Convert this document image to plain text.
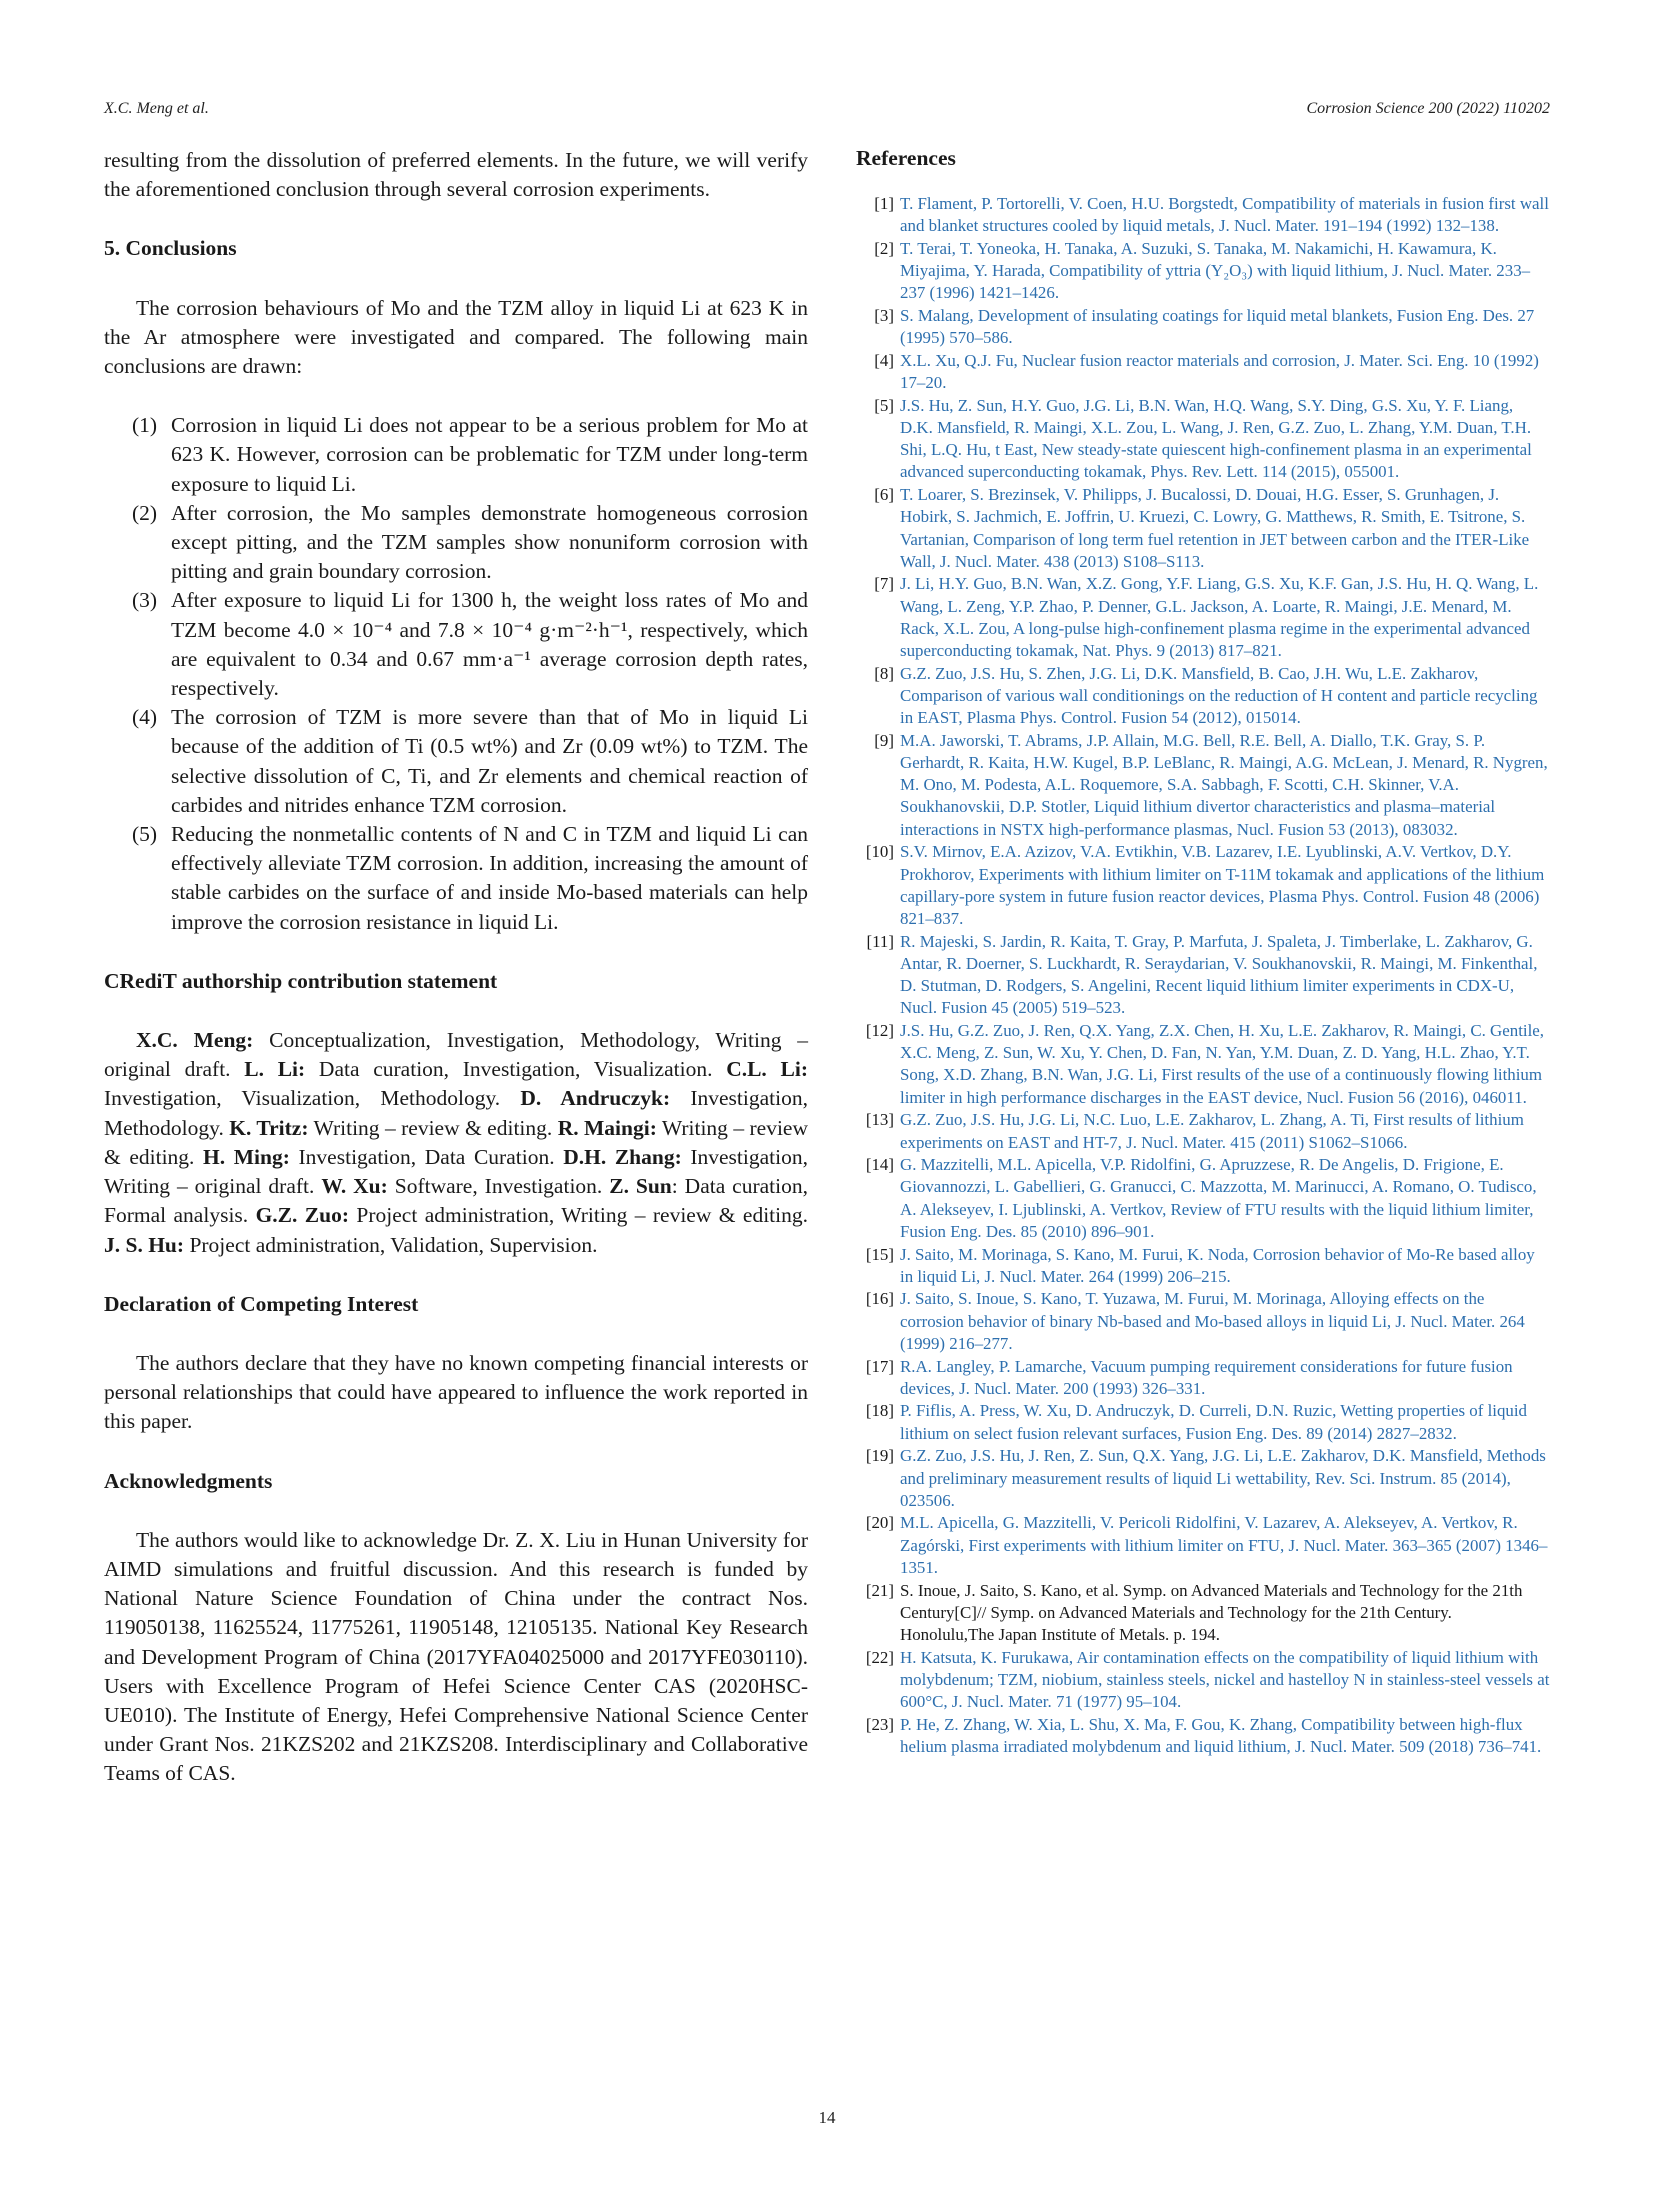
X.C. Meng et al.	Corrosion Science 200 (2022) 110202

resulting from the dissolution of preferred elements. In the future, we will verify the aforementioned conclusion through several corrosion experiments.

5. Conclusions

The corrosion behaviours of Mo and the TZM alloy in liquid Li at 623 K in the Ar atmosphere were investigated and compared. The following main conclusions are drawn:

(1) Corrosion in liquid Li does not appear to be a serious problem for Mo at 623 K. However, corrosion can be problematic for TZM under long-term exposure to liquid Li.
(2) After corrosion, the Mo samples demonstrate homogeneous corrosion except pitting, and the TZM samples show nonuniform corrosion with pitting and grain boundary corrosion.
(3) After exposure to liquid Li for 1300 h, the weight loss rates of Mo and TZM become 4.0 × 10⁻⁴ and 7.8 × 10⁻⁴ g·m⁻²·h⁻¹, respectively, which are equivalent to 0.34 and 0.67 mm·a⁻¹ average corrosion depth rates, respectively.
(4) The corrosion of TZM is more severe than that of Mo in liquid Li because of the addition of Ti (0.5 wt%) and Zr (0.09 wt%) to TZM. The selective dissolution of C, Ti, and Zr elements and chemical reaction of carbides and nitrides enhance TZM corrosion.
(5) Reducing the nonmetallic contents of N and C in TZM and liquid Li can effectively alleviate TZM corrosion. In addition, increasing the amount of stable carbides on the surface of and inside Mo-based materials can help improve the corrosion resistance in liquid Li.
CRediT authorship contribution statement

X.C. Meng: Conceptualization, Investigation, Methodology, Writing – original draft. L. Li: Data curation, Investigation, Visualization. C.L. Li: Investigation, Visualization, Methodology. D. Andruczyk: Investigation, Methodology. K. Tritz: Writing – review & editing. R. Maingi: Writing – review & editing. H. Ming: Investigation, Data Curation. D.H. Zhang: Investigation, Writing – original draft. W. Xu: Software, Investigation. Z. Sun: Data curation, Formal analysis. G.Z. Zuo: Project administration, Writing – review & editing. J. S. Hu: Project administration, Validation, Supervision.

Declaration of Competing Interest

The authors declare that they have no known competing financial interests or personal relationships that could have appeared to influence the work reported in this paper.

Acknowledgments

The authors would like to acknowledge Dr. Z. X. Liu in Hunan University for AIMD simulations and fruitful discussion. And this research is funded by National Nature Science Foundation of China under the contract Nos. 119050138, 11625524, 11775261, 11905148, 12105135. National Key Research and Development Program of China (2017YFA04025000 and 2017YFE030110). Users with Excellence Program of Hefei Science Center CAS (2020HSC-UE010). The Institute of Energy, Hefei Comprehensive National Science Center under Grant Nos. 21KZS202 and 21KZS208. Interdisciplinary and Collaborative Teams of CAS.

References
[1] T. Flament, P. Tortorelli, V. Coen, H.U. Borgstedt, Compatibility of materials in fusion first wall and blanket structures cooled by liquid metals, J. Nucl. Mater. 191–194 (1992) 132–138.
[2] T. Terai, T. Yoneoka, H. Tanaka, A. Suzuki, S. Tanaka, M. Nakamichi, H. Kawamura, K. Miyajima, Y. Harada, Compatibility of yttria (Y₂O₃) with liquid lithium, J. Nucl. Mater. 233–237 (1996) 1421–1426.
[3] S. Malang, Development of insulating coatings for liquid metal blankets, Fusion Eng. Des. 27 (1995) 570–586.
[4] X.L. Xu, Q.J. Fu, Nuclear fusion reactor materials and corrosion, J. Mater. Sci. Eng. 10 (1992) 17–20.
[5] J.S. Hu, Z. Sun, H.Y. Guo, J.G. Li, B.N. Wan, H.Q. Wang, S.Y. Ding, G.S. Xu, Y. F. Liang, D.K. Mansfield, R. Maingi, X.L. Zou, L. Wang, J. Ren, G.Z. Zuo, L. Zhang, Y.M. Duan, T.H. Shi, L.Q. Hu, t East, New steady-state quiescent high-confinement plasma in an experimental advanced superconducting tokamak, Phys. Rev. Lett. 114 (2015), 055001.
[6] T. Loarer, S. Brezinsek, V. Philipps, J. Bucalossi, D. Douai, H.G. Esser, S. Grunhagen, J. Hobirk, S. Jachmich, E. Joffrin, U. Kruezi, C. Lowry, G. Matthews, R. Smith, E. Tsitrone, S. Vartanian, Comparison of long term fuel retention in JET between carbon and the ITER-Like Wall, J. Nucl. Mater. 438 (2013) S108–S113.
[7] J. Li, H.Y. Guo, B.N. Wan, X.Z. Gong, Y.F. Liang, G.S. Xu, K.F. Gan, J.S. Hu, H. Q. Wang, L. Wang, L. Zeng, Y.P. Zhao, P. Denner, G.L. Jackson, A. Loarte, R. Maingi, J.E. Menard, M. Rack, X.L. Zou, A long-pulse high-confinement plasma regime in the experimental advanced superconducting tokamak, Nat. Phys. 9 (2013) 817–821.
[8] G.Z. Zuo, J.S. Hu, S. Zhen, J.G. Li, D.K. Mansfield, B. Cao, J.H. Wu, L.E. Zakharov, Comparison of various wall conditionings on the reduction of H content and particle recycling in EAST, Plasma Phys. Control. Fusion 54 (2012), 015014.
[9] M.A. Jaworski, T. Abrams, J.P. Allain, M.G. Bell, R.E. Bell, A. Diallo, T.K. Gray, S. P. Gerhardt, R. Kaita, H.W. Kugel, B.P. LeBlanc, R. Maingi, A.G. McLean, J. Menard, R. Nygren, M. Ono, M. Podesta, A.L. Roquemore, S.A. Sabbagh, F. Scotti, C.H. Skinner, V.A. Soukhanovskii, D.P. Stotler, Liquid lithium divertor characteristics and plasma–material interactions in NSTX high-performance plasmas, Nucl. Fusion 53 (2013), 083032.
[10] S.V. Mirnov, E.A. Azizov, V.A. Evtikhin, V.B. Lazarev, I.E. Lyublinski, A.V. Vertkov, D.Y. Prokhorov, Experiments with lithium limiter on T-11M tokamak and applications of the lithium capillary-pore system in future fusion reactor devices, Plasma Phys. Control. Fusion 48 (2006) 821–837.
[11] R. Majeski, S. Jardin, R. Kaita, T. Gray, P. Marfuta, J. Spaleta, J. Timberlake, L. Zakharov, G. Antar, R. Doerner, S. Luckhardt, R. Seraydarian, V. Soukhanovskii, R. Maingi, M. Finkenthal, D. Stutman, D. Rodgers, S. Angelini, Recent liquid lithium limiter experiments in CDX-U, Nucl. Fusion 45 (2005) 519–523.
[12] J.S. Hu, G.Z. Zuo, J. Ren, Q.X. Yang, Z.X. Chen, H. Xu, L.E. Zakharov, R. Maingi, C. Gentile, X.C. Meng, Z. Sun, W. Xu, Y. Chen, D. Fan, N. Yan, Y.M. Duan, Z. D. Yang, H.L. Zhao, Y.T. Song, X.D. Zhang, B.N. Wan, J.G. Li, First results of the use of a continuously flowing lithium limiter in high performance discharges in the EAST device, Nucl. Fusion 56 (2016), 046011.
[13] G.Z. Zuo, J.S. Hu, J.G. Li, N.C. Luo, L.E. Zakharov, L. Zhang, A. Ti, First results of lithium experiments on EAST and HT-7, J. Nucl. Mater. 415 (2011) S1062–S1066.
[14] G. Mazzitelli, M.L. Apicella, V.P. Ridolfini, G. Apruzzese, R. De Angelis, D. Frigione, E. Giovannozzi, L. Gabellieri, G. Granucci, C. Mazzotta, M. Marinucci, A. Romano, O. Tudisco, A. Alekseyev, I. Ljublinski, A. Vertkov, Review of FTU results with the liquid lithium limiter, Fusion Eng. Des. 85 (2010) 896–901.
[15] J. Saito, M. Morinaga, S. Kano, M. Furui, K. Noda, Corrosion behavior of Mo-Re based alloy in liquid Li, J. Nucl. Mater. 264 (1999) 206–215.
[16] J. Saito, S. Inoue, S. Kano, T. Yuzawa, M. Furui, M. Morinaga, Alloying effects on the corrosion behavior of binary Nb-based and Mo-based alloys in liquid Li, J. Nucl. Mater. 264 (1999) 216–277.
[17] R.A. Langley, P. Lamarche, Vacuum pumping requirement considerations for future fusion devices, J. Nucl. Mater. 200 (1993) 326–331.
[18] P. Fiflis, A. Press, W. Xu, D. Andruczyk, D. Curreli, D.N. Ruzic, Wetting properties of liquid lithium on select fusion relevant surfaces, Fusion Eng. Des. 89 (2014) 2827–2832.
[19] G.Z. Zuo, J.S. Hu, J. Ren, Z. Sun, Q.X. Yang, J.G. Li, L.E. Zakharov, D.K. Mansfield, Methods and preliminary measurement results of liquid Li wettability, Rev. Sci. Instrum. 85 (2014), 023506.
[20] M.L. Apicella, G. Mazzitelli, V. Pericoli Ridolfini, V. Lazarev, A. Alekseyev, A. Vertkov, R. Zagórski, First experiments with lithium limiter on FTU, J. Nucl. Mater. 363–365 (2007) 1346–1351.
[21] S. Inoue, J. Saito, S. Kano, et al. Symp. on Advanced Materials and Technology for the 21th Century[C]// Symp. on Advanced Materials and Technology for the 21th Century. Honolulu,The Japan Institute of Metals. p. 194.
[22] H. Katsuta, K. Furukawa, Air contamination effects on the compatibility of liquid lithium with molybdenum; TZM, niobium, stainless steels, nickel and hastelloy N in stainless-steel vessels at 600°C, J. Nucl. Mater. 71 (1977) 95–104.
[23] P. He, Z. Zhang, W. Xia, L. Shu, X. Ma, F. Gou, K. Zhang, Compatibility between high-flux helium plasma irradiated molybdenum and liquid lithium, J. Nucl. Mater. 509 (2018) 736–741.
14
